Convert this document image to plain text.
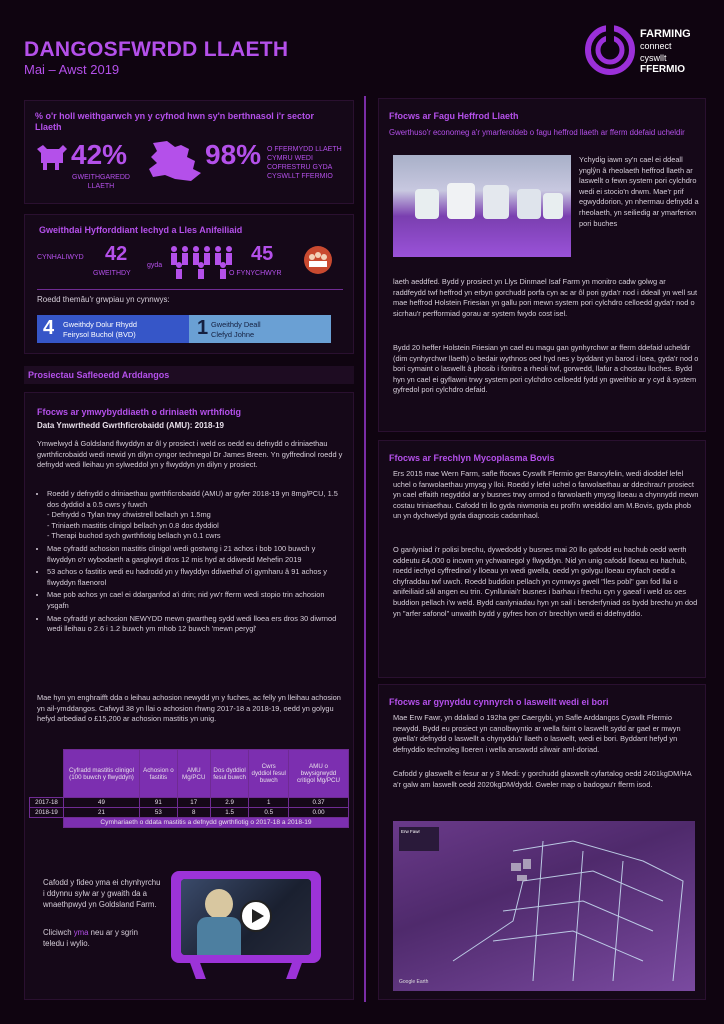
DANGOSFWRDD LLAETH
Mai – Awst 2019
FARMING
connect
cyswllt
FFERMIO
% o'r holl weithgarwch yn y cyfnod hwn sy'n berthnasol i'r sector Llaeth
42%
GWEITHGAREDD LLAETH
98% O FFERMYDD LLAETH CYMRU WEDI COFRESTRU GYDA CYSWLLT FFERMIO
Gweithdai Hyfforddiant Iechyd a Lles Anifeiliaid
CYNHALIWYD 42
GWEITHDY
gyda
45
O FYNYCHWYR
Roedd themâu'r grwpiau yn cynnwys:
4 Gweithdy Dolur Rhydd
Feirysol Buchol (BVD)	1 Gweithdy Deall
Clefyd Johne
Prosiectau Safleoedd Arddangos
Ffocws ar ymwybyddiaeth o driniaeth wrthfiotig
Data Ymwrthedd Gwrthficrobaidd (AMU): 2018-19
Ymwelwyd â Goldsland flwyddyn ar ôl y prosiect i weld os oedd eu defnydd o driniaethau gwrthficrobaidd wedi newid yn dilyn cyngor technegol Dr James Breen. Yn gyffredinol roedd y defnydd wedi lleihau yn sylweddol yn y flwyddyn yn dilyn y prosiect.
• Roedd y defnydd o driniaethau gwrthficrobaidd (AMU) ar gyfer 2018-19 yn 8mg/PCU, 1.5 dos dyddiol a 0.5 cwrs y fuwch
- Defnydd o Tylan trwy chwistrell bellach yn 1.5mg
- Triniaeth mastitis clinigol bellach yn 0.8 dos dyddiol
- Therapi buchod sych gwrthfiotig bellach yn 0.1 cwrs
• Mae cyfradd achosion mastitis clinigol wedi gostwng i 21 achos i bob 100 buwch y flwyddyn o'r wybodaeth a gasglwyd dros 12 mis hyd at ddiwedd Mehefin 2019
• 53 achos o fastitis wedi eu hadrodd yn y flwyddyn ddiwethaf o'i gymharu â 91 achos y flwyddyn flaenorol
• Mae pob achos yn cael ei ddarganfod a'i drin; nid yw'r fferm wedi stopio trin achosion ysgafn
• Mae cyfradd yr achosion NEWYDD mewn gwartheg sydd wedi lloea ers dros 30 diwrnod wedi lleihau o 2.6 i 1.2 buwch ym mhob 12 buwch 'mewn perygl'
Mae hyn yn enghraifft dda o leihau achosion newydd yn y fuches, ac felly yn lleihau achosion yn ail-ymddangos. Cafwyd 38 yn llai o achosion rhwng 2017-18 a 2018-19, oedd yn golygu hefyd arbediad o £15,200 ar achosion mastitis yn unig.
	Cyfradd mastitis clinigol (100 buwch y flwyddyn)	Achosion o fastitis	AMU Mg/PCU	Dos dyddiol fesul buwch	Cwrs dyddiol fesul buwch	AMU o bwysigrwydd critigol Mg/PCU
2017-18	49	91	17	2.9	1	0.37
2018-19	21	53	8	1.5	0.5	0.00
	Cymhariaeth o ddata mastitis a defnydd gwrthfiotig o 2017-18 a 2018-19					
Cafodd y fideo yma ei chynhyrchu i ddynnu sylw ar y gwaith da a wnaethpwyd yn Goldsland Farm.
Cliciwch yma neu ar y sgrin teledu i wylio.
Ffocws ar Fagu Heffrod Llaeth
Gwerthuso'r economeg a'r ymarferoldeb o fagu heffrod llaeth ar fferm ddefaid ucheldir
Ychydig iawn sy'n cael ei ddeall ynglŷn â rheolaeth heffrod llaeth ar laswellt o fewn system pori cylchdro wedi ei stocio'n drwm. Mae'r prif egwyddorion, yn nhermau defnydd a rheolaeth, yn seiliedig ar ymarferion pori buches
laeth aeddfed. Bydd y prosiect yn Llys Dinmael Isaf Farm yn monitro cadw golwg ar raddfeydd twf heffrod yn erbyn gorchudd porfa cyn ac ar ôl pori gyda'r nod i ddeall yn well sut mae heffrod Holstein Friesian yn gallu pori mewn system pori cylchdro celloedd gyda'r nod o sicrhau'r perfformiad gorau ar system fwydo cost isel.
Bydd 20 heffer Holstein Friesian yn cael eu magu gan gynhyrchwr ar fferm ddefaid ucheldir (dim cynhyrchwr llaeth) o bedair wythnos oed hyd nes y byddant yn barod i loea, gyda'r nod o bori cymaint o laswellt â phosib i fonitro a rheoli twf, gorwedd, llafur a chostau lloches. Bydd hyn yn cael ei gyflawni trwy system pori cylchdro celloedd fydd yn gweithio ar y cyd â system gyfredol pori cylchdro defaid.
Ffocws ar Frechlyn Mycoplasma Bovis
Ers 2015 mae Wern Farm, safle ffocws Cyswllt Ffermio ger Bancyfelin, wedi dioddef lefel uchel o fanwolaethau ymysg y lloi. Roedd y lefel uchel o farwolaethau ar ddechrau'r prosiect yn cael effaith negyddol ar y busnes trwy ormod o farwolaeth ymysg lloeau a chynnydd mewn costau triniaethau. Cafodd tri llo gyda niwmonia eu profi'n wreiddiol am M.Bovis, gyda phob un yn dychwelyd gyda diagnosis cadarnhaol.
O ganlyniad i'r polisi brechu, dywedodd y busnes mai 20 llo gafodd eu hachub oedd werth oddeutu £4,000 o incwm yn ychwanegol y flwyddyn. Nid yn unig cafodd lloeau eu hachub, roedd iechyd cyffredinol y lloeau yn wedi gwella, oedd yn golygu lloeau cryfach oedd a chyfraddau twf uwch. Roedd buddion pellach yn cynnwys gwell "lles pobl" gan fod llai o anifeiliaid sâl angen eu trin. Cynlluniai'r busnes i barhau i frechu cyn y gaeaf i weld os oes buddion pellach i'w weld. Bydd canlyniadau hyn yn sail i benderfyniad os bydd brechu yn dod yn "arfer safonol" unwaith bydd y gyfres hon o'r brechlyn wedi ei ddefnyddio.
Ffocws ar gynyddu cynnyrch o laswellt wedi ei bori
Mae Erw Fawr, yn ddaliad o 192ha ger Caergybi, yn Safle Arddangos Cyswllt Ffermio newydd. Bydd eu prosiect yn canolbwyntio ar wella faint o laswellt sydd ar gael er mwyn gwella'r defnydd o laswellt a chynyddu'r llaeth o laswellt, wedi ei bori. Byddant hefyd yn defnyddio technoleg lloeren i wella ansawdd silwair aml-doriad.
Cafodd y glaswellt ei fesur ar y 3 Medi: y gorchudd glaswellt cyfartalog oedd 2401kgDM/HA a'r galw am laswellt oedd 2020kgDM/dydd. Gweler map o badogau'r fferm isod.
Erw Fawr
Google Earth
